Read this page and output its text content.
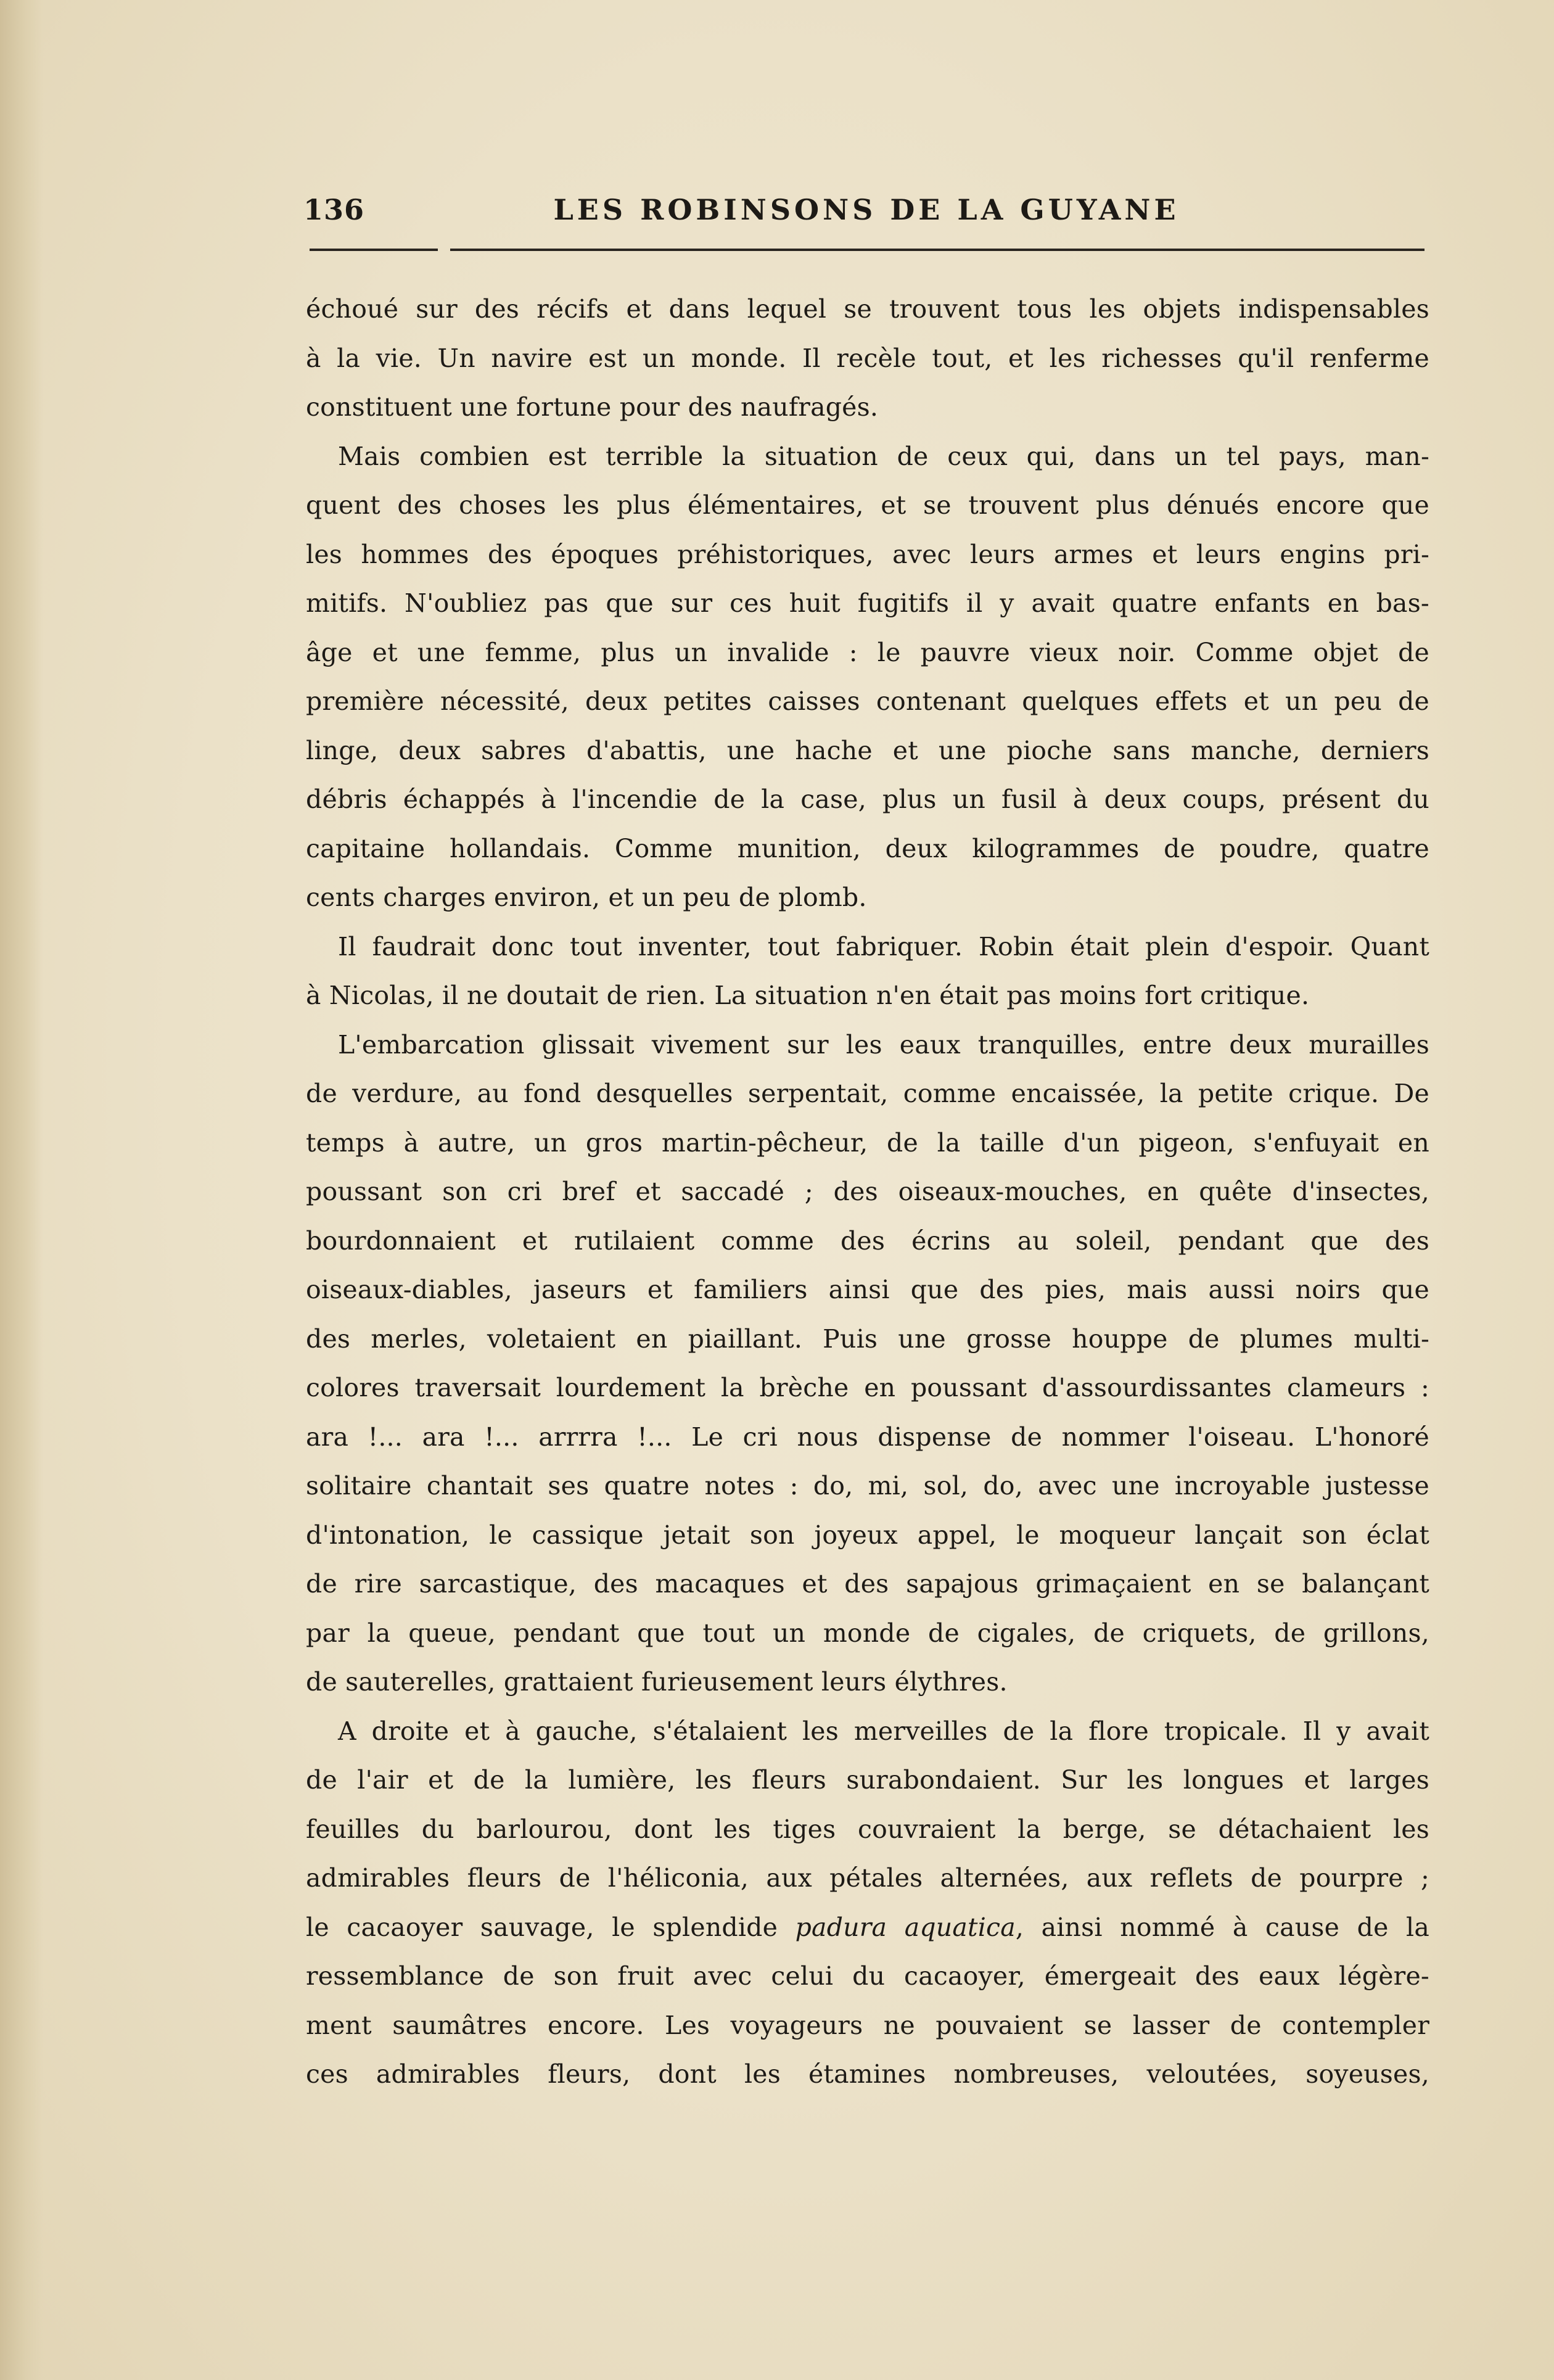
136	LES ROBINSONS DE LA GUYANE
échoué sur des récifs et dans lequel se trouvent tous les objets indispensables
à la vie. Un navire est un monde. Il recèle tout, et les richesses qu'il renferme
constituent une fortune pour des naufragés.
Mais combien est terrible la situation de ceux qui, dans un tel pays, man-
quent des choses les plus élémentaires, et se trouvent plus dénués encore que
les hommes des époques préhistoriques, avec leurs armes et leurs engins pri-
mitifs. N'oubliez pas que sur ces huit fugitifs il y avait quatre enfants en bas-
âge et une femme, plus un invalide : le pauvre vieux noir. Comme objet de
première nécessité, deux petites caisses contenant quelques effets et un peu de
linge, deux sabres d'abattis, une hache et une pioche sans manche, derniers
débris échappés à l'incendie de la case, plus un fusil à deux coups, présent du
capitaine hollandais. Comme munition, deux kilogrammes de poudre, quatre
cents charges environ, et un peu de plomb.
Il faudrait donc tout inventer, tout fabriquer. Robin était plein d'espoir. Quant
à Nicolas, il ne doutait de rien. La situation n'en était pas moins fort critique.
L'embarcation glissait vivement sur les eaux tranquilles, entre deux murailles
de verdure, au fond desquelles serpentait, comme encaissée, la petite crique. De
temps à autre, un gros martin-pêcheur, de la taille d'un pigeon, s'enfuyait en
poussant son cri bref et saccadé ; des oiseaux-mouches, en quête d'insectes,
bourdonnaient et rutilaient comme des écrins au soleil, pendant que des
oiseaux-diables, jaseurs et familiers ainsi que des pies, mais aussi noirs que
des merles, voletaient en piaillant. Puis une grosse houppe de plumes multi-
colores traversait lourdement la brèche en poussant d'assourdissantes clameurs :
ara !... ara !... arrrra !... Le cri nous dispense de nommer l'oiseau. L'honoré
solitaire chantait ses quatre notes : do, mi, sol, do, avec une incroyable justesse
d'intonation, le cassique jetait son joyeux appel, le moqueur lançait son éclat
de rire sarcastique, des macaques et des sapajous grimaçaient en se balançant
par la queue, pendant que tout un monde de cigales, de criquets, de grillons,
de sauterelles, grattaient furieusement leurs élythres.
A droite et à gauche, s'étalaient les merveilles de la flore tropicale. Il y avait
de l'air et de la lumière, les fleurs surabondaient. Sur les longues et larges
feuilles du barlourou, dont les tiges couvraient la berge, se détachaient les
admirables fleurs de l'héliconia, aux pétales alternées, aux reflets de pourpre ;
le cacaoyer sauvage, le splendide padura aquatica, ainsi nommé à cause de la
ressemblance de son fruit avec celui du cacaoyer, émergeait des eaux légère-
ment saumâtres encore. Les voyageurs ne pouvaient se lasser de contempler
ces admirables fleurs, dont les étamines nombreuses, veloutées, soyeuses,
